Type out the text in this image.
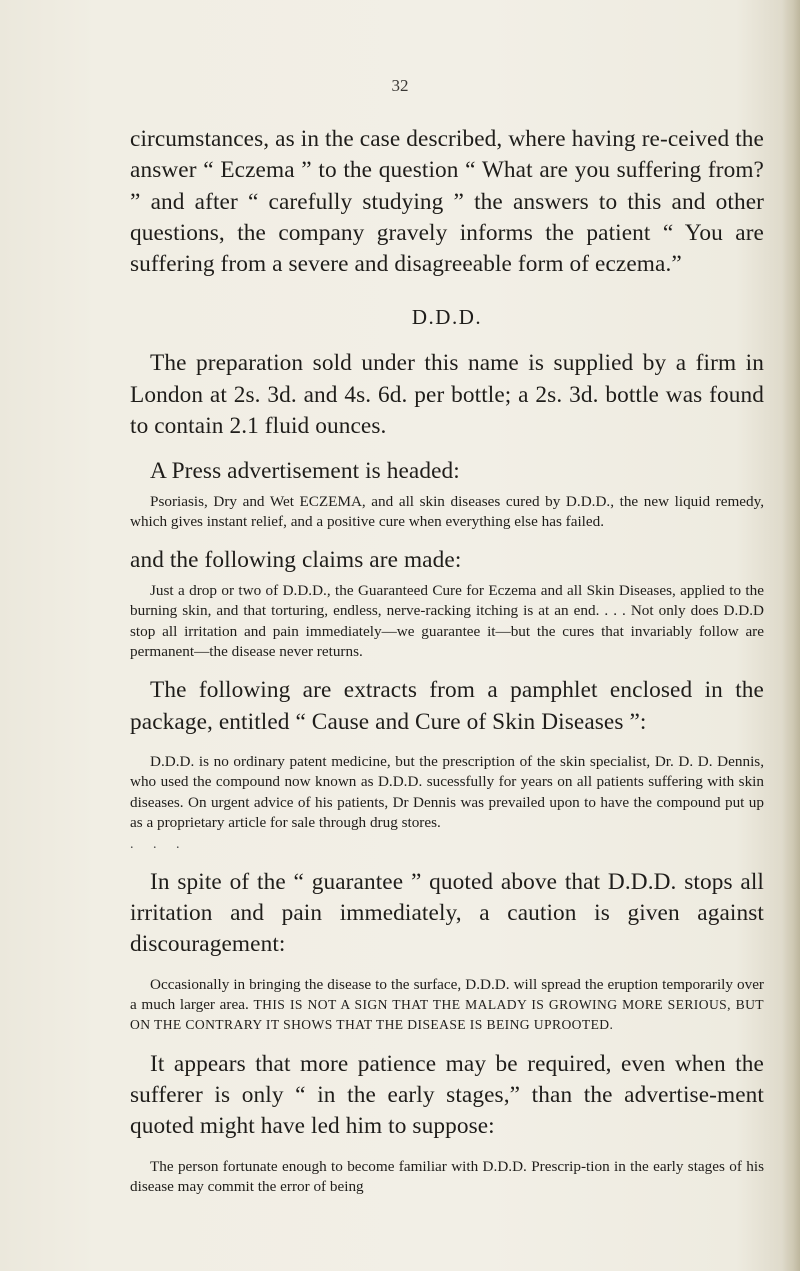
32

circumstances, as in the case described, where having re-ceived the answer “ Eczema ” to the question “ What are you suffering from? ” and after “ carefully studying ” the answers to this and other questions, the company gravely informs the patient “ You are suffering from a severe and disagreeable form of eczema.”

D.D.D.

The preparation sold under this name is supplied by a firm in London at 2s. 3d. and 4s. 6d. per bottle; a 2s. 3d. bottle was found to contain 2.1 fluid ounces.

A Press advertisement is headed:

Psoriasis, Dry and Wet ECZEMA, and all skin diseases cured by D.D.D., the new liquid remedy, which gives instant relief, and a positive cure when everything else has failed.

and the following claims are made:

Just a drop or two of D.D.D., the Guaranteed Cure for Eczema and all Skin Diseases, applied to the burning skin, and that torturing, endless, nerve-racking itching is at an end. . . . Not only does D.D.D stop all irritation and pain immediately—we guarantee it—but the cures that invariably follow are permanent—the disease never returns.

The following are extracts from a pamphlet enclosed in the package, entitled “ Cause and Cure of Skin Diseases ”:

D.D.D. is no ordinary patent medicine, but the prescription of the skin specialist, Dr. D. D. Dennis, who used the compound now known as D.D.D. sucessfully for years on all patients suffering with skin diseases. On urgent advice of his patients, Dr Dennis was prevailed upon to have the compound put up as a proprietary article for sale through drug stores.

. . .

In spite of the “ guarantee ” quoted above that D.D.D. stops all irritation and pain immediately, a caution is given against discouragement:

Occasionally in bringing the disease to the surface, D.D.D. will spread the eruption temporarily over a much larger area. THIS IS NOT A SIGN THAT THE MALADY IS GROWING MORE SERIOUS, BUT ON THE CONTRARY IT SHOWS THAT THE DISEASE IS BEING UPROOTED.

It appears that more patience may be required, even when the sufferer is only “ in the early stages,” than the advertise-ment quoted might have led him to suppose:

The person fortunate enough to become familiar with D.D.D. Prescrip-tion in the early stages of his disease may commit the error of being
